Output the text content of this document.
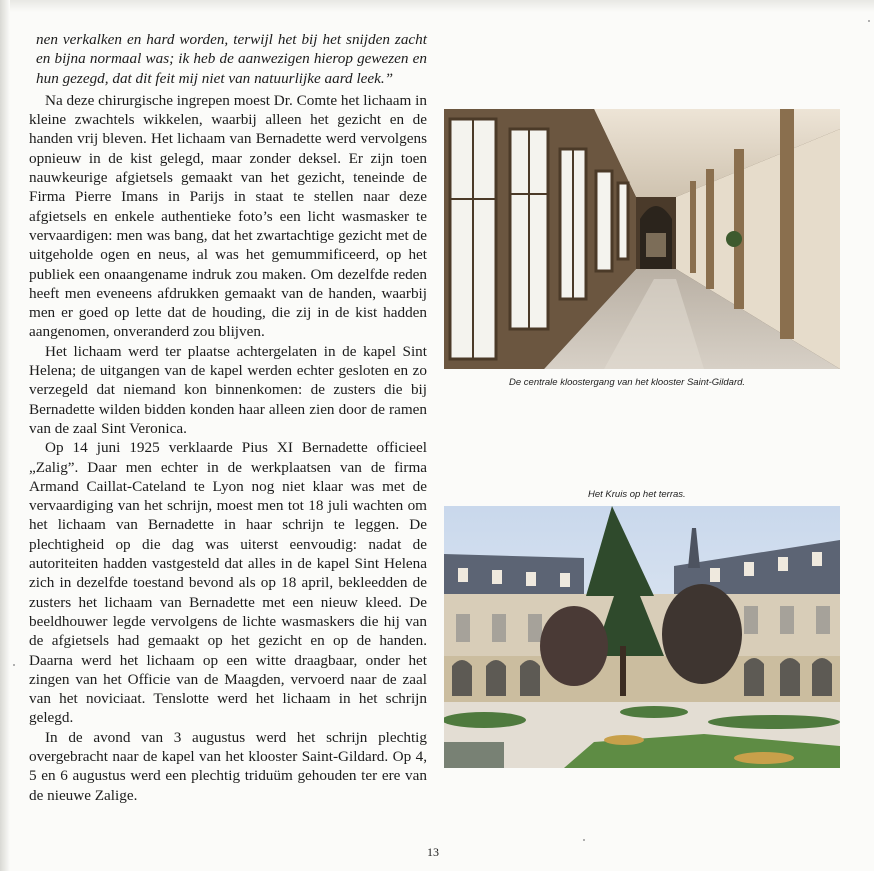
nen verkalken en hard worden, terwijl het bij het snijden zacht en bijna normaal was; ik heb de aanwezigen hierop gewezen en hun gezegd, dat dit feit mij niet van natuurlijke aard leek.”

Na deze chirurgische ingrepen moest Dr. Comte het lichaam in kleine zwachtels wikkelen, waarbij alleen het gezicht en de handen vrij bleven. Het lichaam van Bernadette werd vervolgens opnieuw in de kist gelegd, maar zonder deksel. Er zijn toen nauwkeurige afgietsels gemaakt van het gezicht, teneinde de Firma Pierre Imans in Parijs in staat te stellen naar deze afgietsels en enkele authentieke foto’s een licht wasmasker te vervaardigen: men was bang, dat het zwartachtige gezicht met de uitgeholde ogen en neus, al was het gemummificeerd, op het publiek een onaangename indruk zou maken. Om dezelfde reden heeft men eveneens afdrukken gemaakt van de handen, waarbij men er goed op lette dat de houding, die zij in de kist hadden aangenomen, onveranderd zou blijven.

Het lichaam werd ter plaatse achtergelaten in de kapel Sint Helena; de uitgangen van de kapel werden echter gesloten en zo verzegeld dat niemand kon binnenkomen: de zusters die bij Bernadette wilden bidden konden haar alleen zien door de ramen van de zaal Sint Veronica.

Op 14 juni 1925 verklaarde Pius XI Bernadette officieel „Zalig”. Daar men echter in de werkplaatsen van de firma Armand Caillat-Cateland te Lyon nog niet klaar was met de vervaardiging van het schrijn, moest men tot 18 juli wachten om het lichaam van Bernadette in haar schrijn te leggen. De plechtigheid op die dag was uiterst eenvoudig: nadat de autoriteiten hadden vastgesteld dat alles in de kapel Sint Helena zich in dezelfde toestand bevond als op 18 april, bekleedden de zusters het lichaam van Bernadette met een nieuw kleed. De beeldhouwer legde vervolgens de lichte wasmaskers die hij van de afgietsels had gemaakt op het gezicht en op de handen. Daarna werd het lichaam op een witte draagbaar, onder het zingen van het Officie van de Maagden, vervoerd naar de zaal van het noviciaat. Tenslotte werd het lichaam in het schrijn gelegd.

In de avond van 3 augustus werd het schrijn plechtig overgebracht naar de kapel van het klooster Saint-Gildard. Op 4, 5 en 6 augustus werd een plechtig triduüm gehouden ter ere van de nieuwe Zalige.

De centrale kloostergang van het klooster Saint-Gildard.
Het Kruis op het terras.
13
